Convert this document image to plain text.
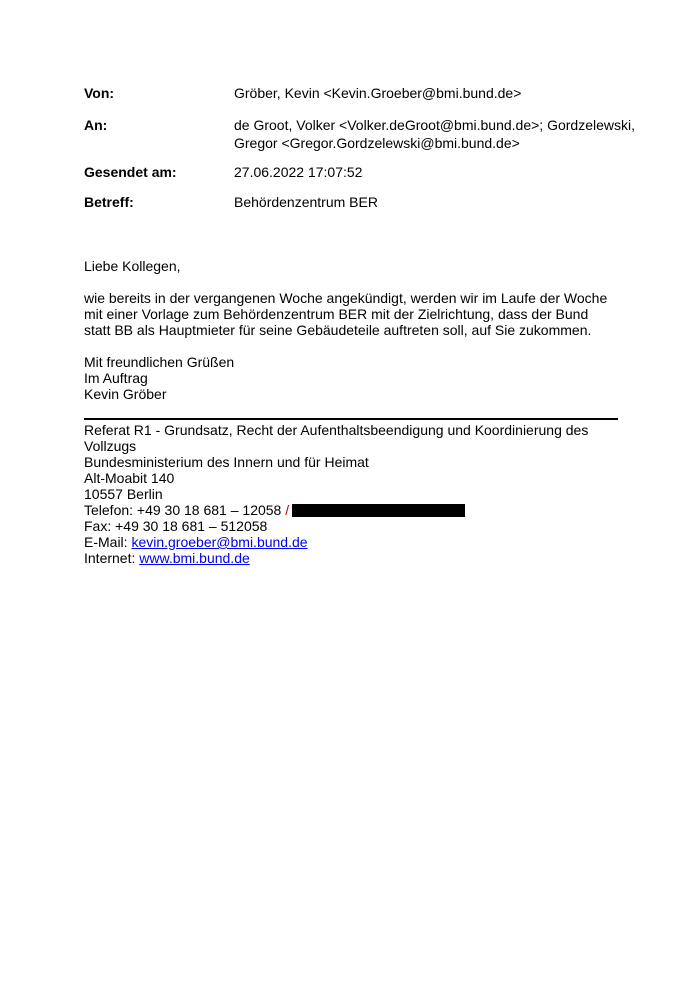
Von:	Gröber, Kevin <Kevin.Groeber@bmi.bund.de>
An:	de Groot, Volker <Volker.deGroot@bmi.bund.de>; Gordzelewski,
Gregor <Gregor.Gordzelewski@bmi.bund.de>
Gesendet am:	27.06.2022 17:07:52
Betreff:	Behördenzentrum BER
Liebe Kollegen,
wie bereits in der vergangenen Woche angekündigt, werden wir im Laufe der Woche
mit einer Vorlage zum Behördenzentrum BER mit der Zielrichtung, dass der Bund
statt BB als Hauptmieter für seine Gebäudeteile auftreten soll, auf Sie zukommen.
Mit freundlichen Grüßen
Im Auftrag
Kevin Gröber
Referat R1 - Grundsatz, Recht der Aufenthaltsbeendigung und Koordinierung des
Vollzugs
Bundesministerium des Innern und für Heimat
Alt-Moabit 140
10557 Berlin
Telefon: +49 30 18 681 – 12058 /
Fax: +49 30 18 681 – 512058
E-Mail: kevin.groeber@bmi.bund.de
Internet: www.bmi.bund.de
